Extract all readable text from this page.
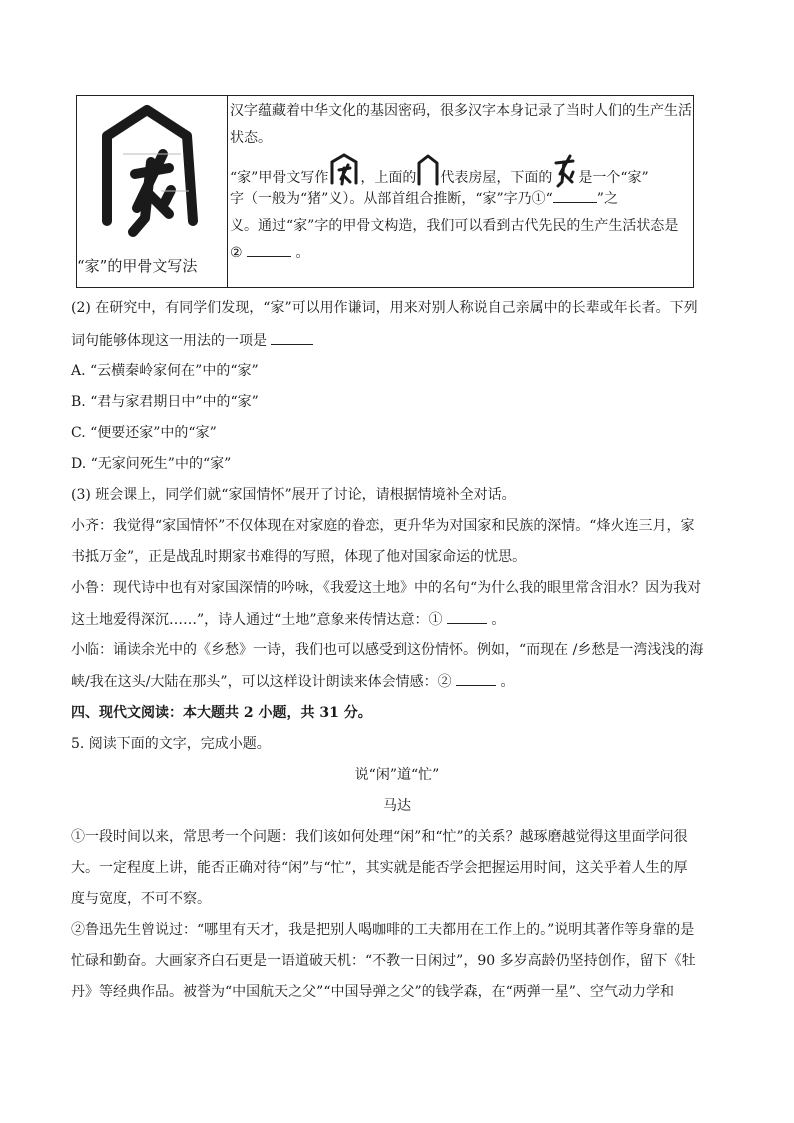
“家”的甲骨文写法
汉字蕴藏着中华文化的基因密码，很多汉字本身记录了当时人们的生产生活
状态。
“家”甲骨文写作 ，上面的 代表房屋，下面的 是一个“家”
字（一般为“猪”义）。从部首组合推断，“家”字乃①“	”之
义。通过“家”字的甲骨文构造，我们可以看到古代先民的生产生活状态是
②	。
(2) 在研究中，有同学们发现，“家”可以用作谦词，用来对别人称说自己亲属中的长辈或年长者。下列
词句能够体现这一用法的一项是
A. “云横秦岭家何在”中的“家”
B. “君与家君期日中”中的“家”
C. “便要还家”中的“家”
D. “无家问死生”中的“家”
(3) 班会课上，同学们就“家国情怀”展开了讨论，请根据情境补全对话。
小齐：我觉得“家国情怀”不仅体现在对家庭的眷恋，更升华为对国家和民族的深情。“烽火连三月，家
书抵万金”，正是战乱时期家书难得的写照，体现了他对国家命运的忧思。
小鲁：现代诗中也有对家国深情的吟咏，《我爱这土地》中的名句“为什么我的眼里常含泪水？因为我对
这土地爱得深沉……”，诗人通过“土地”意象来传情达意：①	。
小临：诵读余光中的《乡愁》一诗，我们也可以感受到这份情怀。例如，“而现在 /乡愁是一湾浅浅的海
峡/我在这头/大陆在那头”，可以这样设计朗读来体会情感：②	。
四、现代文阅读：本大题共 2 小题，共 31 分。
5. 阅读下面的文字，完成小题。
说“闲”道“忙”
马达
①一段时间以来，常思考一个问题：我们该如何处理“闲”和“忙”的关系？越琢磨越觉得这里面学问很
大。一定程度上讲，能否正确对待“闲”与“忙”，其实就是能否学会把握运用时间，这关乎着人生的厚
度与宽度，不可不察。
②鲁迅先生曾说过：“哪里有天才，我是把别人喝咖啡的工夫都用在工作上的。”说明其著作等身靠的是
忙碌和勤奋。大画家齐白石更是一语道破天机：“不教一日闲过”，90 多岁高龄仍坚持创作，留下《牡
丹》等经典作品。被誉为“中国航天之父”“中国导弹之父”的钱学森，在“两弹一星”、空气动力学和
